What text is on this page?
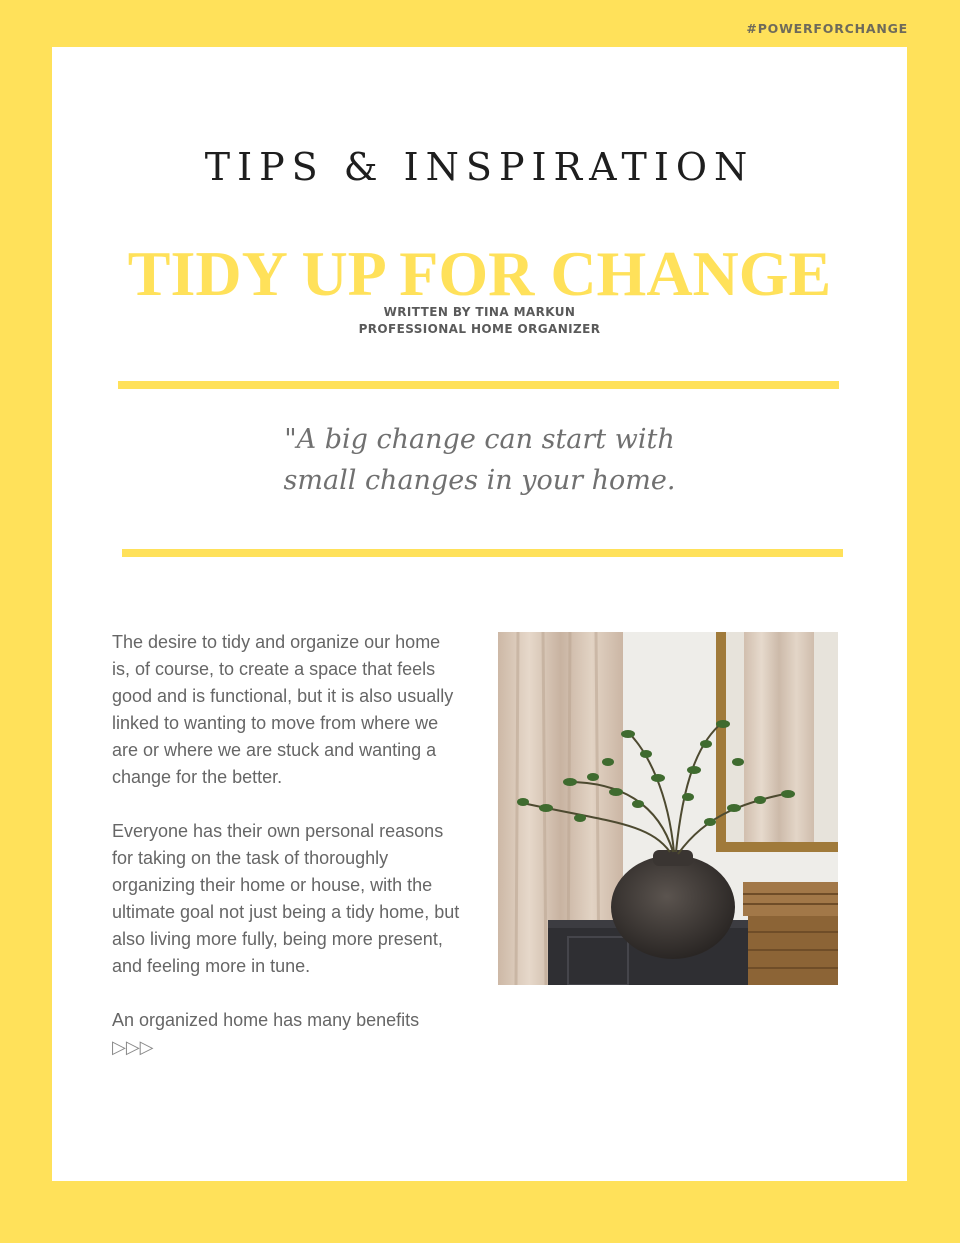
#POWERFORCHANGE
TIPS & INSPIRATION
TIDY UP FOR CHANGE
WRITTEN BY TINA MARKUN
PROFESSIONAL HOME ORGANIZER
"A big change can start with
small changes in your home.

The desire to tidy and organize our home is, of course, to create a space that feels good and is functional, but it is also usually linked to wanting to move from where we are or where we are stuck and wanting a change for the better.

Everyone has their own personal reasons for taking on the task of thoroughly organizing their home or house, with the ultimate goal not just being a tidy home, but also living more fully, being more present, and feeling more in tune.

An organized home has many benefits
▷▷▷
